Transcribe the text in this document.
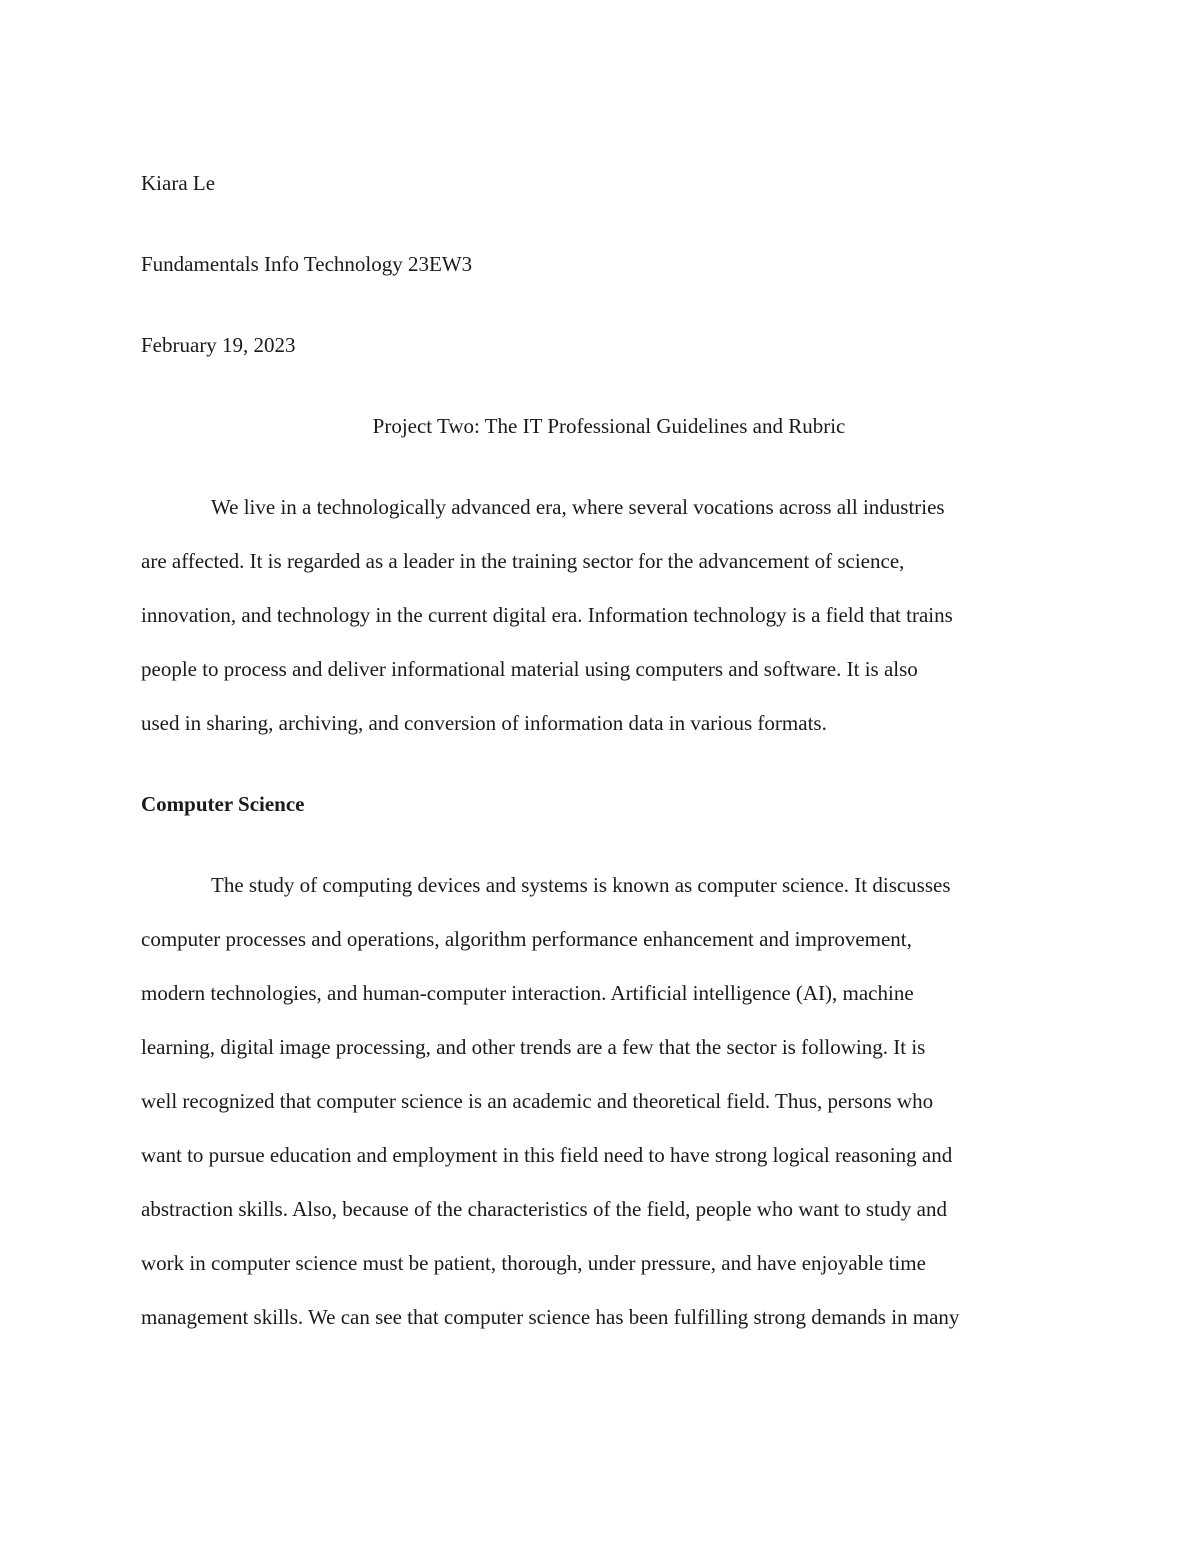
Kiara Le
Fundamentals Info Technology 23EW3
February 19, 2023
Project Two: The IT Professional Guidelines and Rubric
We live in a technologically advanced era, where several vocations across all industries
are affected. It is regarded as a leader in the training sector for the advancement of science,
innovation, and technology in the current digital era. Information technology is a field that trains
people to process and deliver informational material using computers and software. It is also
used in sharing, archiving, and conversion of information data in various formats.
Computer Science
The study of computing devices and systems is known as computer science. It discusses
computer processes and operations, algorithm performance enhancement and improvement,
modern technologies, and human-computer interaction. Artificial intelligence (AI), machine
learning, digital image processing, and other trends are a few that the sector is following. It is
well recognized that computer science is an academic and theoretical field. Thus, persons who
want to pursue education and employment in this field need to have strong logical reasoning and
abstraction skills. Also, because of the characteristics of the field, people who want to study and
work in computer science must be patient, thorough, under pressure, and have enjoyable time
management skills. We can see that computer science has been fulfilling strong demands in many
